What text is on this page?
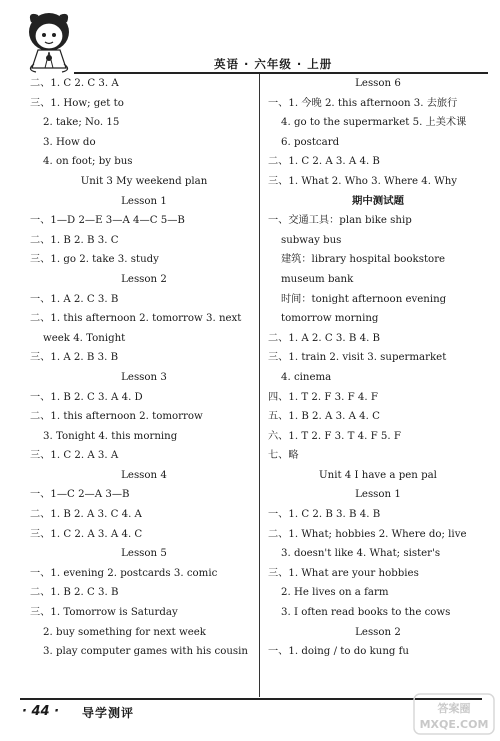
英语 · 六年级 · 上册
二、1. C 2. C 3. A
三、1. How; get to
2. take; No. 15
3. How do
4. on foot; by bus
Unit 3 My weekend plan
Lesson 1
一、1—D 2—E 3—A 4—C 5—B
二、1. B 2. B 3. C
三、1. go 2. take 3. study
Lesson 2
一、1. A 2. C 3. B
二、1. this afternoon 2. tomorrow 3. next
week 4. Tonight
三、1. A 2. B 3. B
Lesson 3
一、1. B 2. C 3. A 4. D
二、1. this afternoon 2. tomorrow
3. Tonight 4. this morning
三、1. C 2. A 3. A
Lesson 4
一、1—C 2—A 3—B
二、1. B 2. A 3. C 4. A
三、1. C 2. A 3. A 4. C
Lesson 5
一、1. evening 2. postcards 3. comic
二、1. B 2. C 3. B
三、1. Tomorrow is Saturday
2. buy something for next week
3. play computer games with his cousin
Lesson 6
一、1. 今晚 2. this afternoon 3. 去旅行
4. go to the supermarket 5. 上美术课
6. postcard
二、1. C 2. A 3. A 4. B
三、1. What 2. Who 3. Where 4. Why
期中测试题
一、交通工具：plan bike ship
subway bus
建筑：library hospital bookstore
museum bank
时间：tonight afternoon evening
tomorrow morning
二、1. A 2. C 3. B 4. B
三、1. train 2. visit 3. supermarket
4. cinema
四、1. T 2. F 3. F 4. F
五、1. B 2. A 3. A 4. C
六、1. T 2. F 3. T 4. F 5. F
七、略
Unit 4 I have a pen pal
Lesson 1
一、1. C 2. B 3. B 4. B
二、1. What; hobbies 2. Where do; live
3. doesn't like 4. What; sister's
三、1. What are your hobbies
2. He lives on a farm
3. I often read books to the cows
Lesson 2
一、1. doing / to do kung fu
· 44 · 导学测评	答案圈
MXQE.COM
